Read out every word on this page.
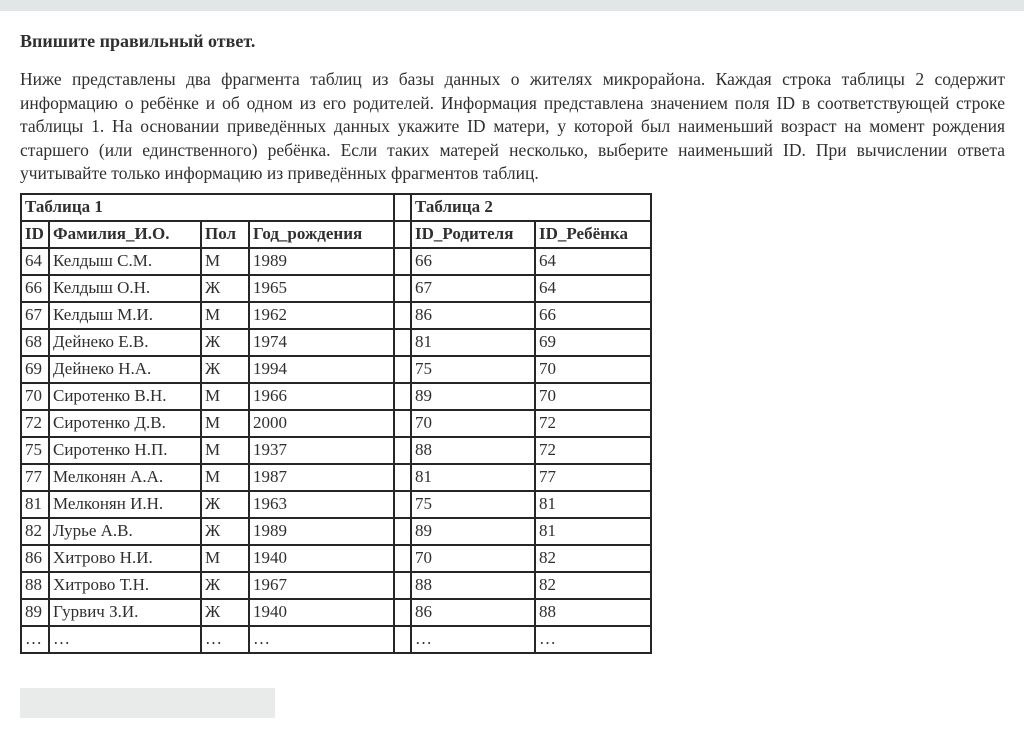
Впишите правильный ответ.

Ниже представлены два фрагмента таблиц из базы данных о жителях микрорайона. Каждая строка таблицы 2 содержит информацию о ребёнке и об одном из его родителей. Информация представлена значением поля ID в соответствующей строке таблицы 1. На основании приведённых данных укажите ID матери, у которой был наименьший возраст на момент рождения старшего (или единственного) ребёнка. Если таких матерей несколько, выберите наименьший ID. При вычислении ответа учитывайте только информацию из приведённых фрагментов таблиц.

Таблица 1					Таблица 2	
ID	Фамилия_И.О.	Пол	Год_рождения		ID_Родителя	ID_Ребёнка
64	Келдыш С.М.	М	1989		66	64
66	Келдыш О.Н.	Ж	1965		67	64
67	Келдыш М.И.	М	1962		86	66
68	Дейнеко Е.В.	Ж	1974		81	69
69	Дейнеко Н.А.	Ж	1994		75	70
70	Сиротенко В.Н.	М	1966		89	70
72	Сиротенко Д.В.	М	2000		70	72
75	Сиротенко Н.П.	М	1937		88	72
77	Мелконян А.А.	М	1987		81	77
81	Мелконян И.Н.	Ж	1963		75	81
82	Лурье А.В.	Ж	1989		89	81
86	Хитрово Н.И.	М	1940		70	82
88	Хитрово Т.Н.	Ж	1967		88	82
89	Гурвич З.И.	Ж	1940		86	88
…	…	…	…		…	…
